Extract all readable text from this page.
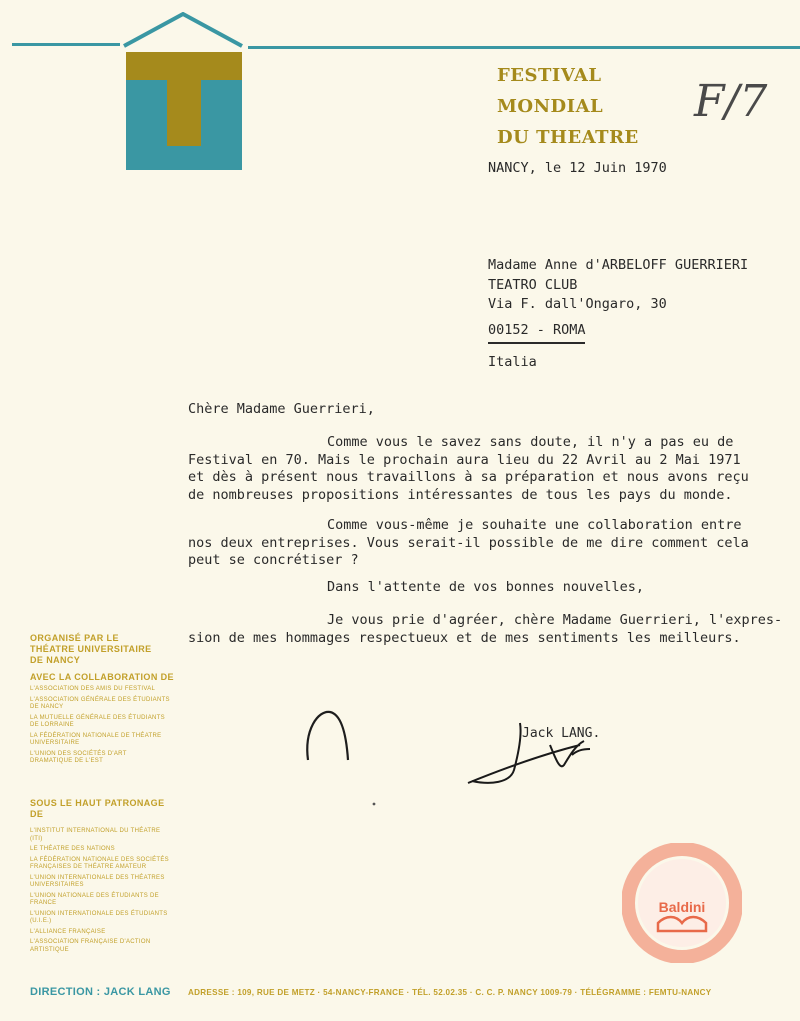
FESTIVAL
MONDIAL
DU THEATRE
NANCY, le 12 Juin 1970
F/7
Madame Anne d'ARBELOFF GUERRIERI
TEATRO CLUB
Via F. dall'Ongaro, 30
00152 - ROMA
Italia
Chère Madame Guerrieri,
Comme vous le savez sans doute, il n'y a pas eu de
Festival en 70. Mais le prochain aura lieu du 22 Avril au 2 Mai 1971
et dès à présent nous travaillons à sa préparation et nous avons reçu
de nombreuses propositions intéressantes de tous les pays du monde.
Comme vous-même je souhaite une collaboration entre
nos deux entreprises. Vous serait-il possible de me dire comment cela
peut se concrétiser ?
Dans l'attente de vos bonnes nouvelles,
Je vous prie d'agréer, chère Madame Guerrieri, l'expres-
sion de mes hommages respectueux et de mes sentiments les meilleurs.
Jack LANG.
ORGANISÉ PAR LE
THÉATRE UNIVERSITAIRE
DE NANCY
AVEC LA COLLABORATION DE
L'ASSOCIATION DES AMIS DU FESTIVAL
L'ASSOCIATION GÉNÉRALE DES ÉTUDIANTS DE NANCY
LA MUTUELLE GÉNÉRALE DES ÉTUDIANTS DE LORRAINE
LA FÉDÉRATION NATIONALE DE THÉATRE UNIVERSITAIRE
L'UNION DES SOCIÉTÉS D'ART DRAMATIQUE DE L'EST
SOUS LE HAUT PATRONAGE
DE
L'INSTITUT INTERNATIONAL DU THÉATRE (ITI)
LE THÉATRE DES NATIONS
LA FÉDÉRATION NATIONALE DES SOCIÉTÉS FRANÇAISES DE THÉATRE AMATEUR
L'UNION INTERNATIONALE DES THÉATRES UNIVERSITAIRES
L'UNION NATIONALE DES ÉTUDIANTS DE FRANCE
L'UNION INTERNATIONALE DES ÉTUDIANTS (U.I.E.)
L'ALLIANCE FRANÇAISE
L'ASSOCIATION FRANÇAISE D'ACTION ARTISTIQUE
DIRECTION : JACK LANG ADRESSE : 109, RUE DE METZ · 54-NANCY-FRANCE · TÉL. 52.02.35 · C. C. P. NANCY 1009-79 · TÉLÉGRAMME : FEMTU-NANCY
Baldini
